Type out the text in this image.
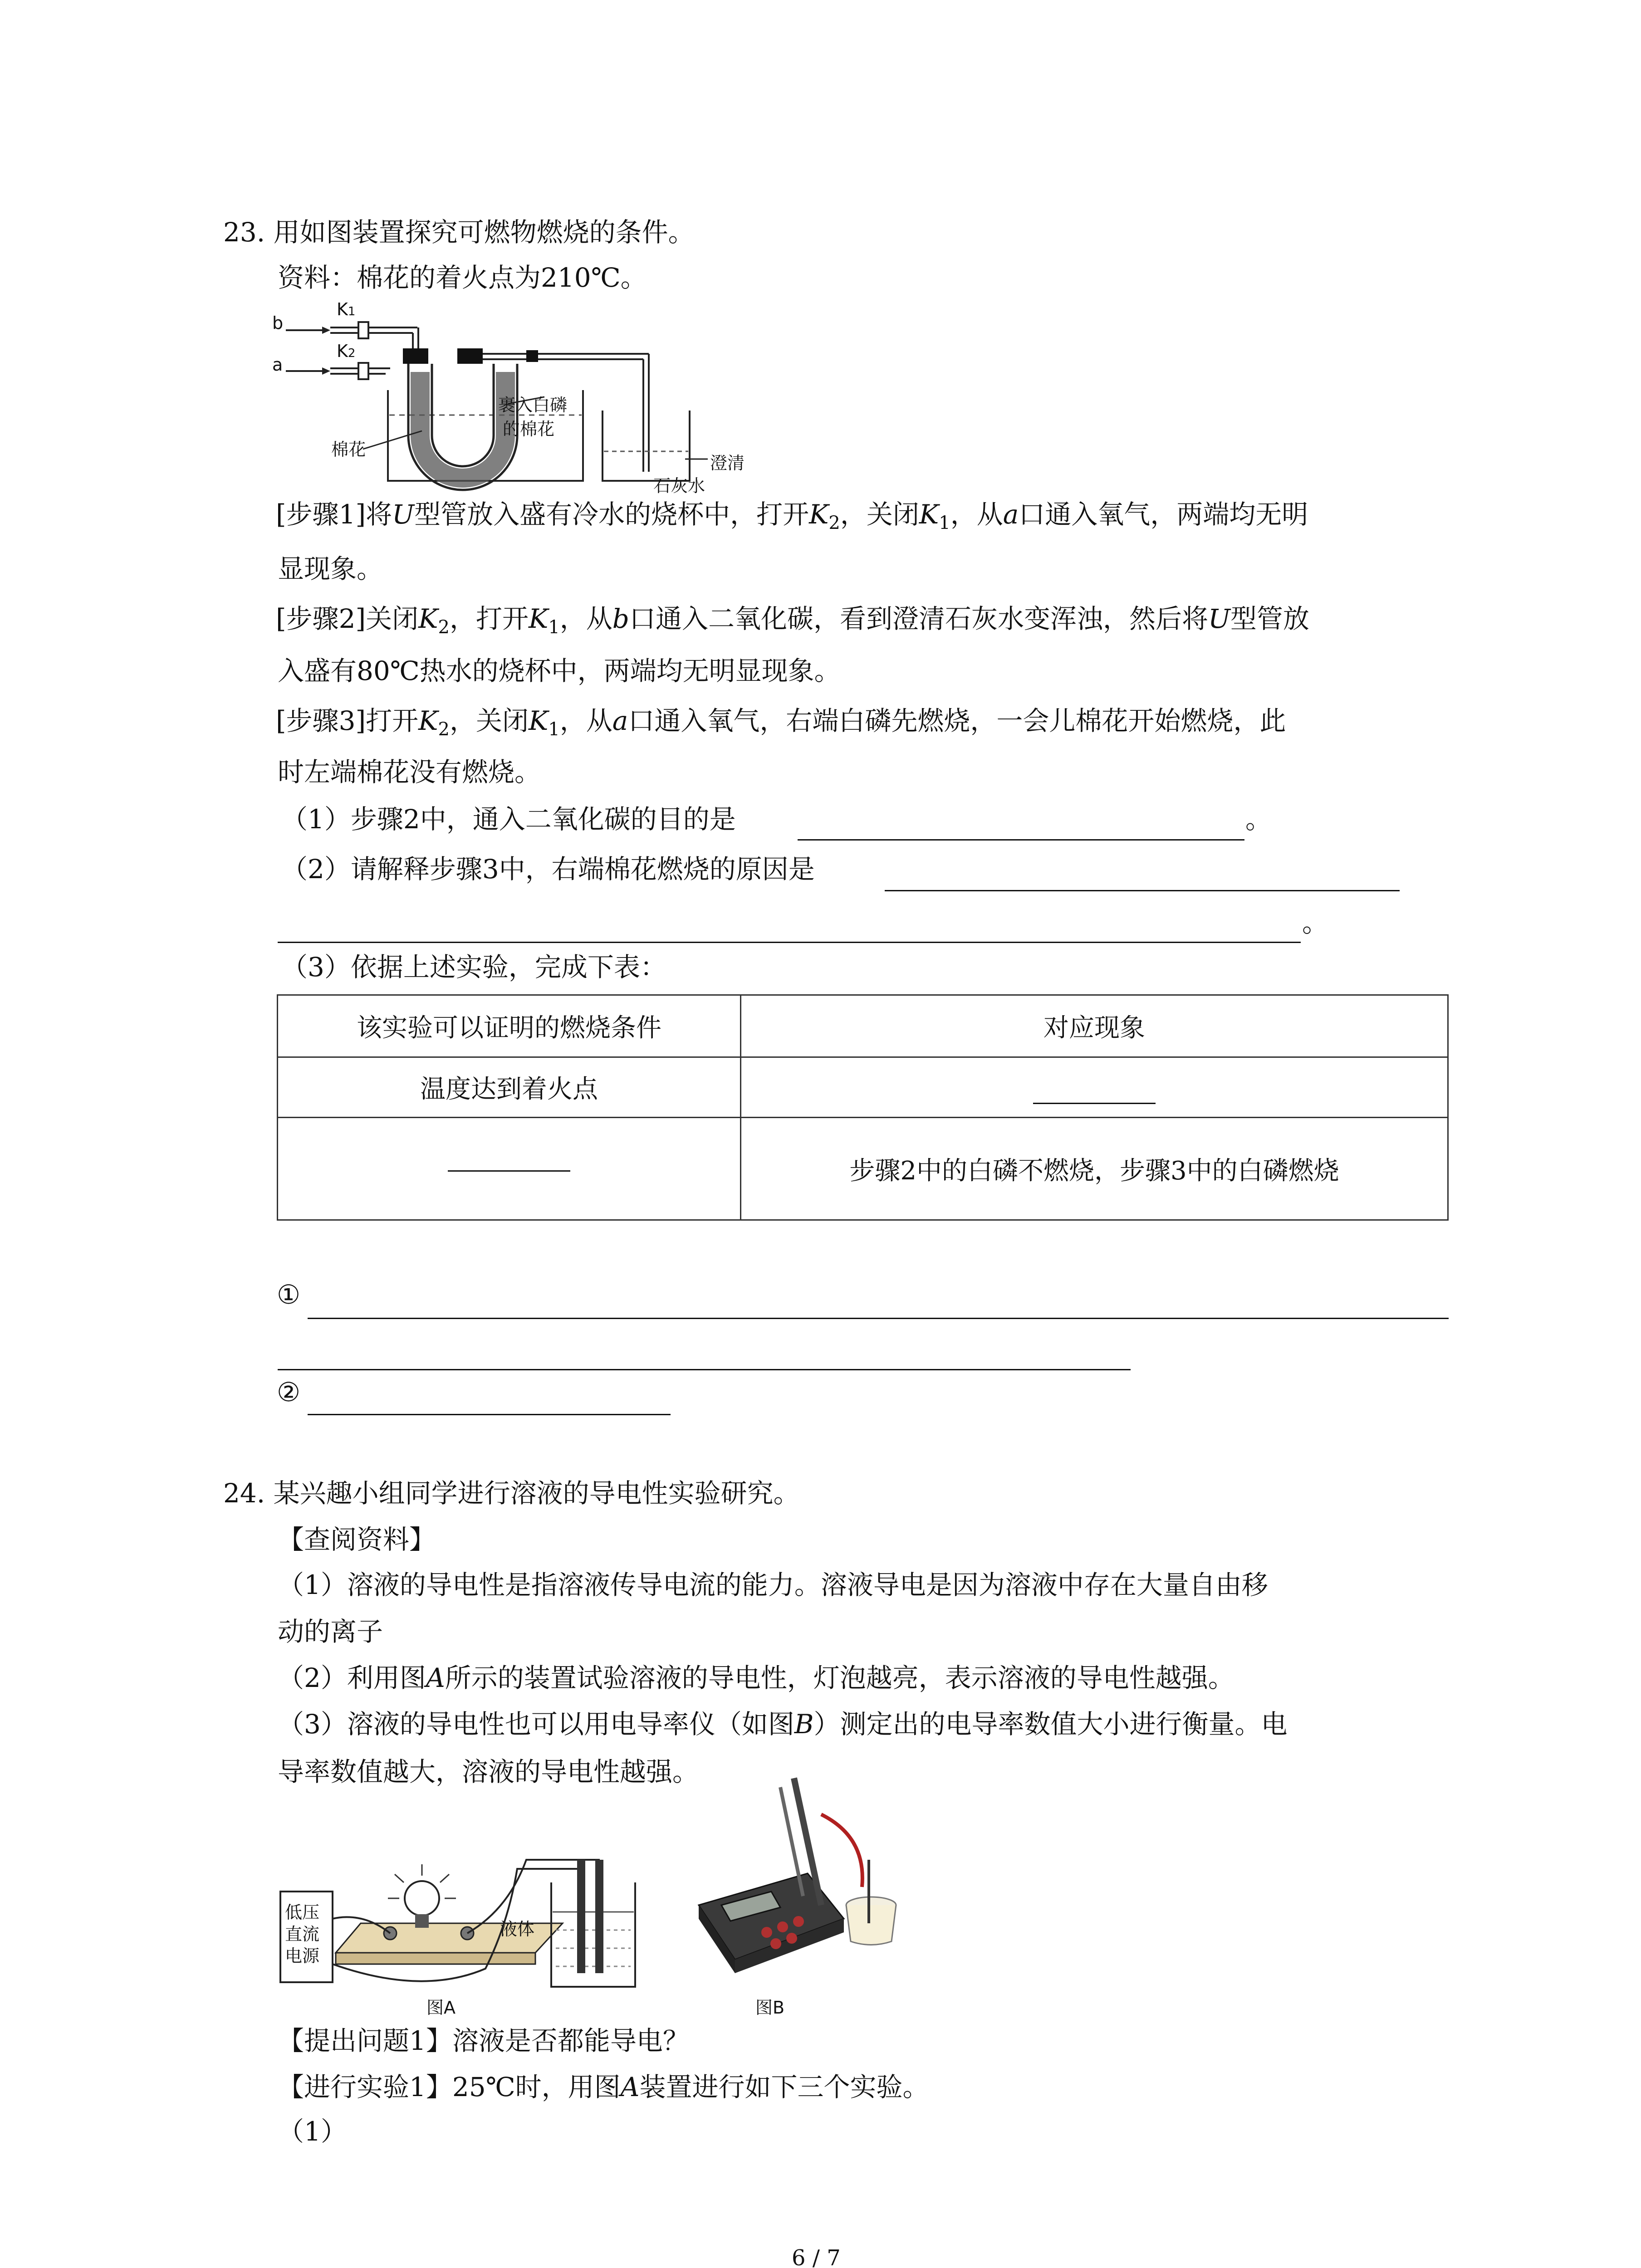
23. 用如图装置探究可燃物燃烧的条件。
资料：棉花的着火点为210℃。
b
a
K1
K2
棉花
裹入白磷
的棉花
澄清
石灰水
[步骤1]将U型管放入盛有冷水的烧杯中，打开$K_2$，关闭$K_1$，从a口通入氧气，两端均无明
显现象。
[步骤2]关闭$K_2$，打开$K_1$，从b口通入二氧化碳，看到澄清石灰水变浑浊，然后将U型管放
入盛有80℃热水的烧杯中，两端均无明显现象。
[步骤3]打开$K_2$，关闭$K_1$，从a口通入氧气，右端白磷先燃烧，一会儿棉花开始燃烧，此
时左端棉花没有燃烧。
（1）步骤2中，通入二氧化碳的目的是	。
（2）请解释步骤3中，右端棉花燃烧的原因是
。
（3）依据上述实验，完成下表：
该实验可以证明的燃烧条件	对应现象
温度达到着火点	
	步骤2中的白磷不燃烧，步骤3中的白磷燃烧
①
②
24. 某兴趣小组同学进行溶液的导电性实验研究。
【查阅资料】
（1）溶液的导电性是指溶液传导电流的能力。溶液导电是因为溶液中存在大量自由移
动的离子
（2）利用图A所示的装置试验溶液的导电性，灯泡越亮，表示溶液的导电性越强。
（3）溶液的导电性也可以用电导率仪（如图B）测定出的电导率数值大小进行衡量。电
导率数值越大，溶液的导电性越强。
低压
直流
电源
液体
图A	图B
【提出问题1】溶液是否都能导电？
【进行实验1】25℃时，用图A装置进行如下三个实验。
（1）
6 / 7
